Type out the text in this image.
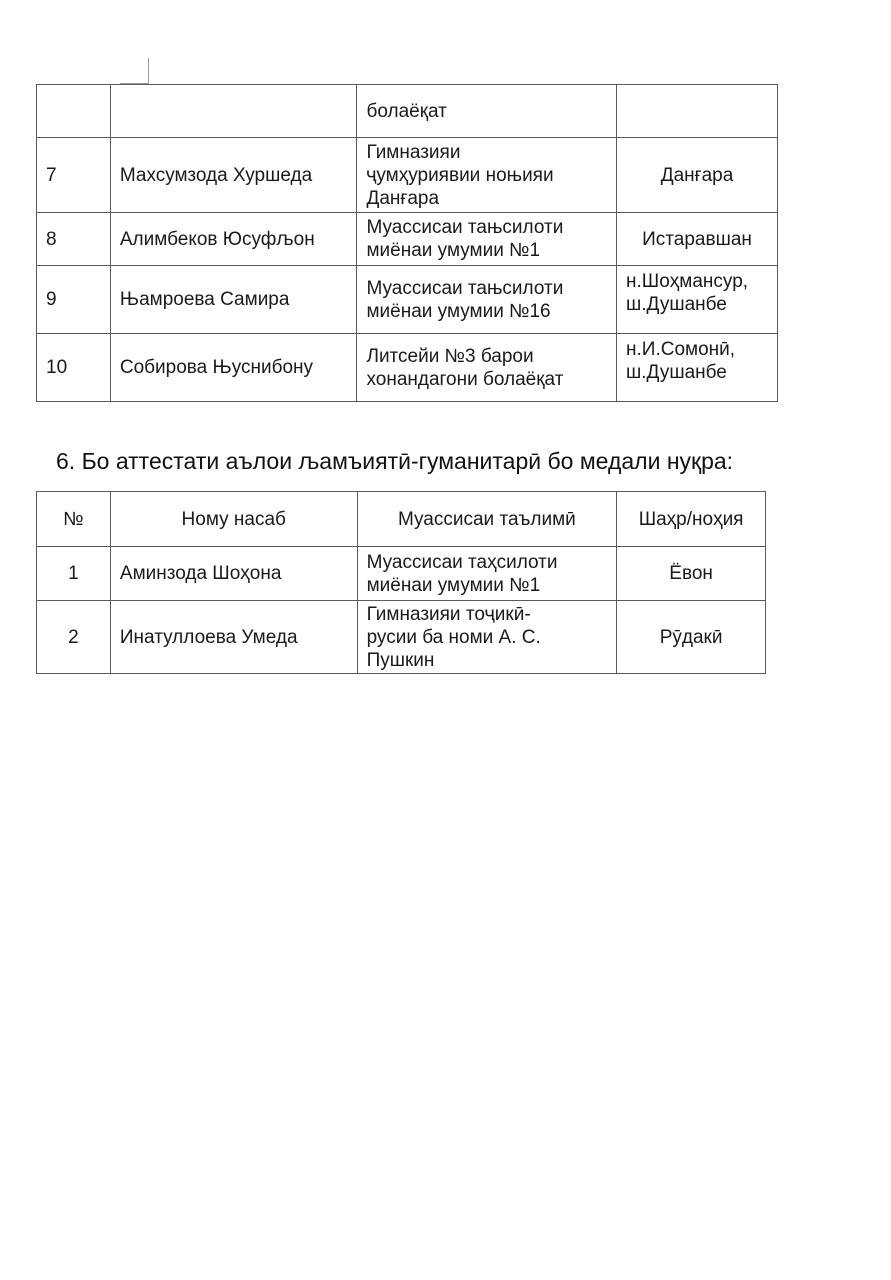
		болаёқат	

7	Махсумзода Хуршеда	Гимназияи
ҷумҳуриявии ноњияи
Данғара	Данғара

8	Алимбеков Юсуфљон	Муассисаи тањсилоти
миёнаи умумии №1	Истаравшан

9	Њамроева Самира	Муассисаи тањсилоти
миёнаи умумии №16	н.Шоҳмансур,
ш.Душанбе

10	Собирова Њуснибону	Литсейи №3 барои
хонандагони болаёқат	н.И.Сомонӣ,
ш.Душанбе
6. Бо аттестати аълои љамъиятӣ-гуманитарӣ бо медали нуқра:
№	Ному насаб	Муассисаи таълимӣ	Шаҳр/ноҳия
1	Аминзода Шоҳона	Муассисаи таҳсилоти
миёнаи умумии №1	Ёвон

2	Инатуллоева Умеда	Гимназияи тоҷикӣ-
русии ба номи А. С.
Пушкин	Рӯдакӣ
